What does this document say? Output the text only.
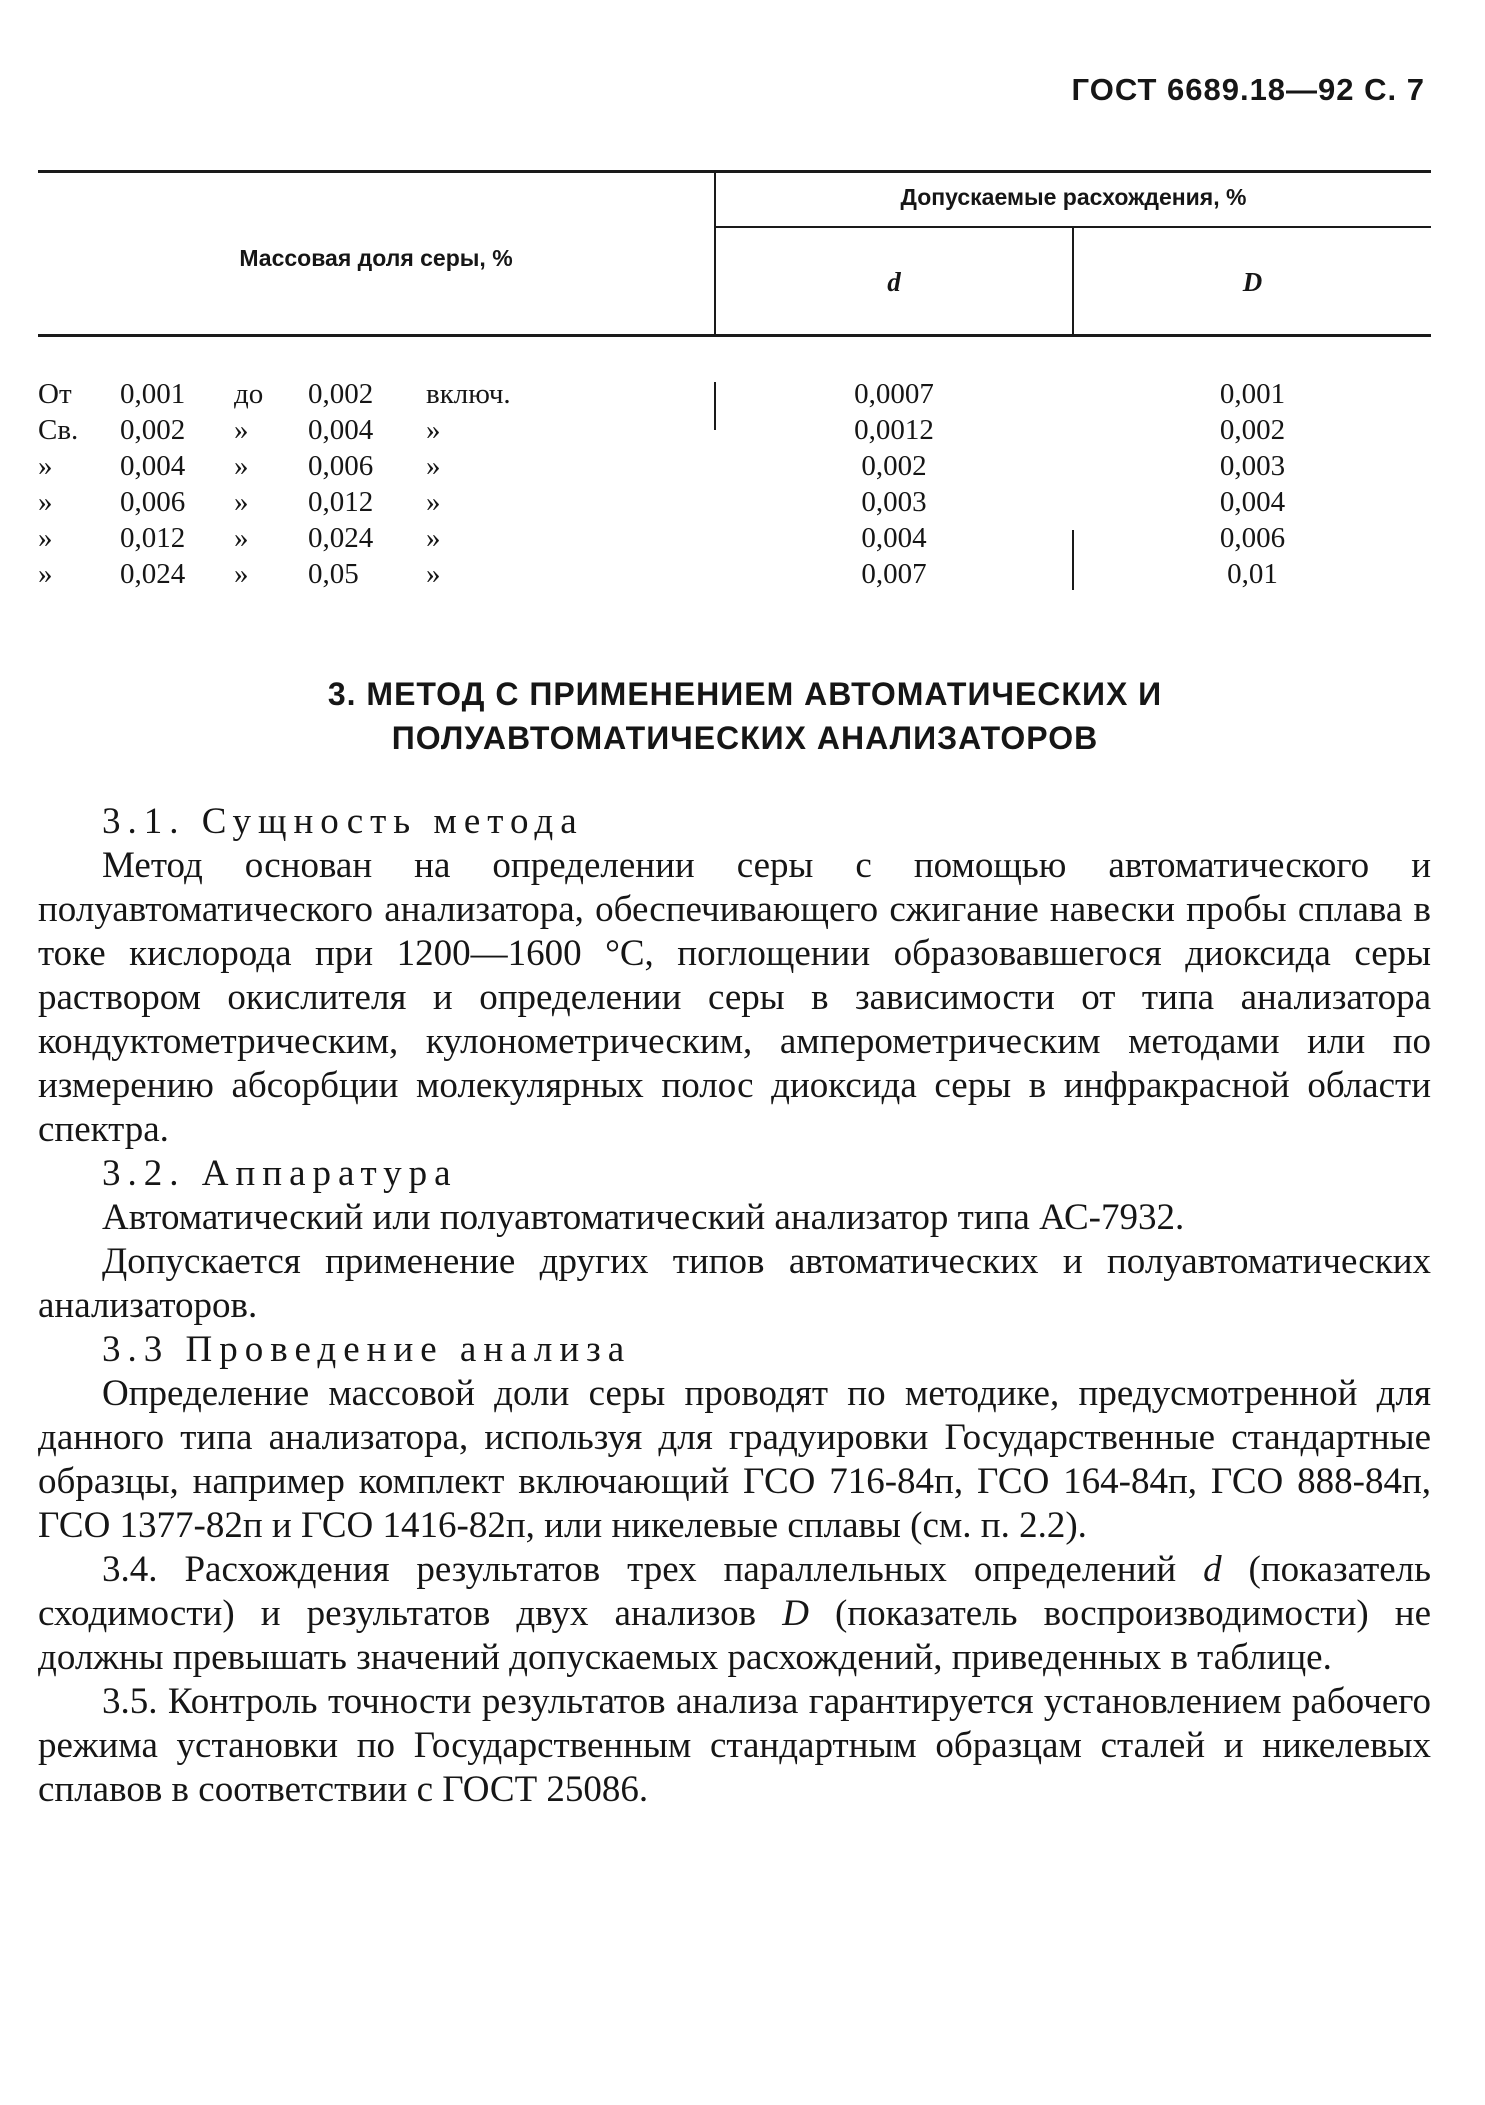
ГОСТ 6689.18—92 С. 7
Массовая доля серы, %
Допускаемые расхождения, %
d	D
От 0,001 до 0,002 включ.	0,0007	0,001
Св. 0,002 » 0,004 »	0,0012	0,002
» 0,004 » 0,006 »	0,002	0,003
» 0,006 » 0,012 »	0,003	0,004
» 0,012 » 0,024 »	0,004	0,006
» 0,024 » 0,05 »	0,007	0,01
3. МЕТОД С ПРИМЕНЕНИЕМ АВТОМАТИЧЕСКИХ И
ПОЛУАВТОМАТИЧЕСКИХ АНАЛИЗАТОРОВ

3.1. Сущность метода

Метод основан на определении серы с помощью автоматического и полуавтоматического анализатора, обеспечивающего сжигание навески пробы сплава в токе кислорода при 1200—1600 °С, поглощении образовавшегося диоксида серы раствором окислителя и определении серы в зависимости от типа анализатора кондуктометрическим, кулонометрическим, амперометрическим методами или по измерению абсорбции молекулярных полос диоксида серы в инфракрасной области спектра.

3.2. Аппаратура

Автоматический или полуавтоматический анализатор типа АС-7932.

Допускается применение других типов автоматических и полуавтоматических анализаторов.

3.3 Проведение анализа

Определение массовой доли серы проводят по методике, предусмотренной для данного типа анализатора, используя для градуировки Государственные стандартные образцы, например комплект включающий ГСО 716-84п, ГСО 164-84п, ГСО 888-84п, ГСО 1377-82п и ГСО 1416-82п, или никелевые сплавы (см. п. 2.2).

3.4. Расхождения результатов трех параллельных определений d (показатель сходимости) и результатов двух анализов D (показатель воспроизводимости) не должны превышать значений допускаемых расхождений, приведенных в таблице.

3.5. Контроль точности результатов анализа гарантируется установлением рабочего режима установки по Государственным стандартным образцам сталей и никелевых сплавов в соответствии с ГОСТ 25086.
